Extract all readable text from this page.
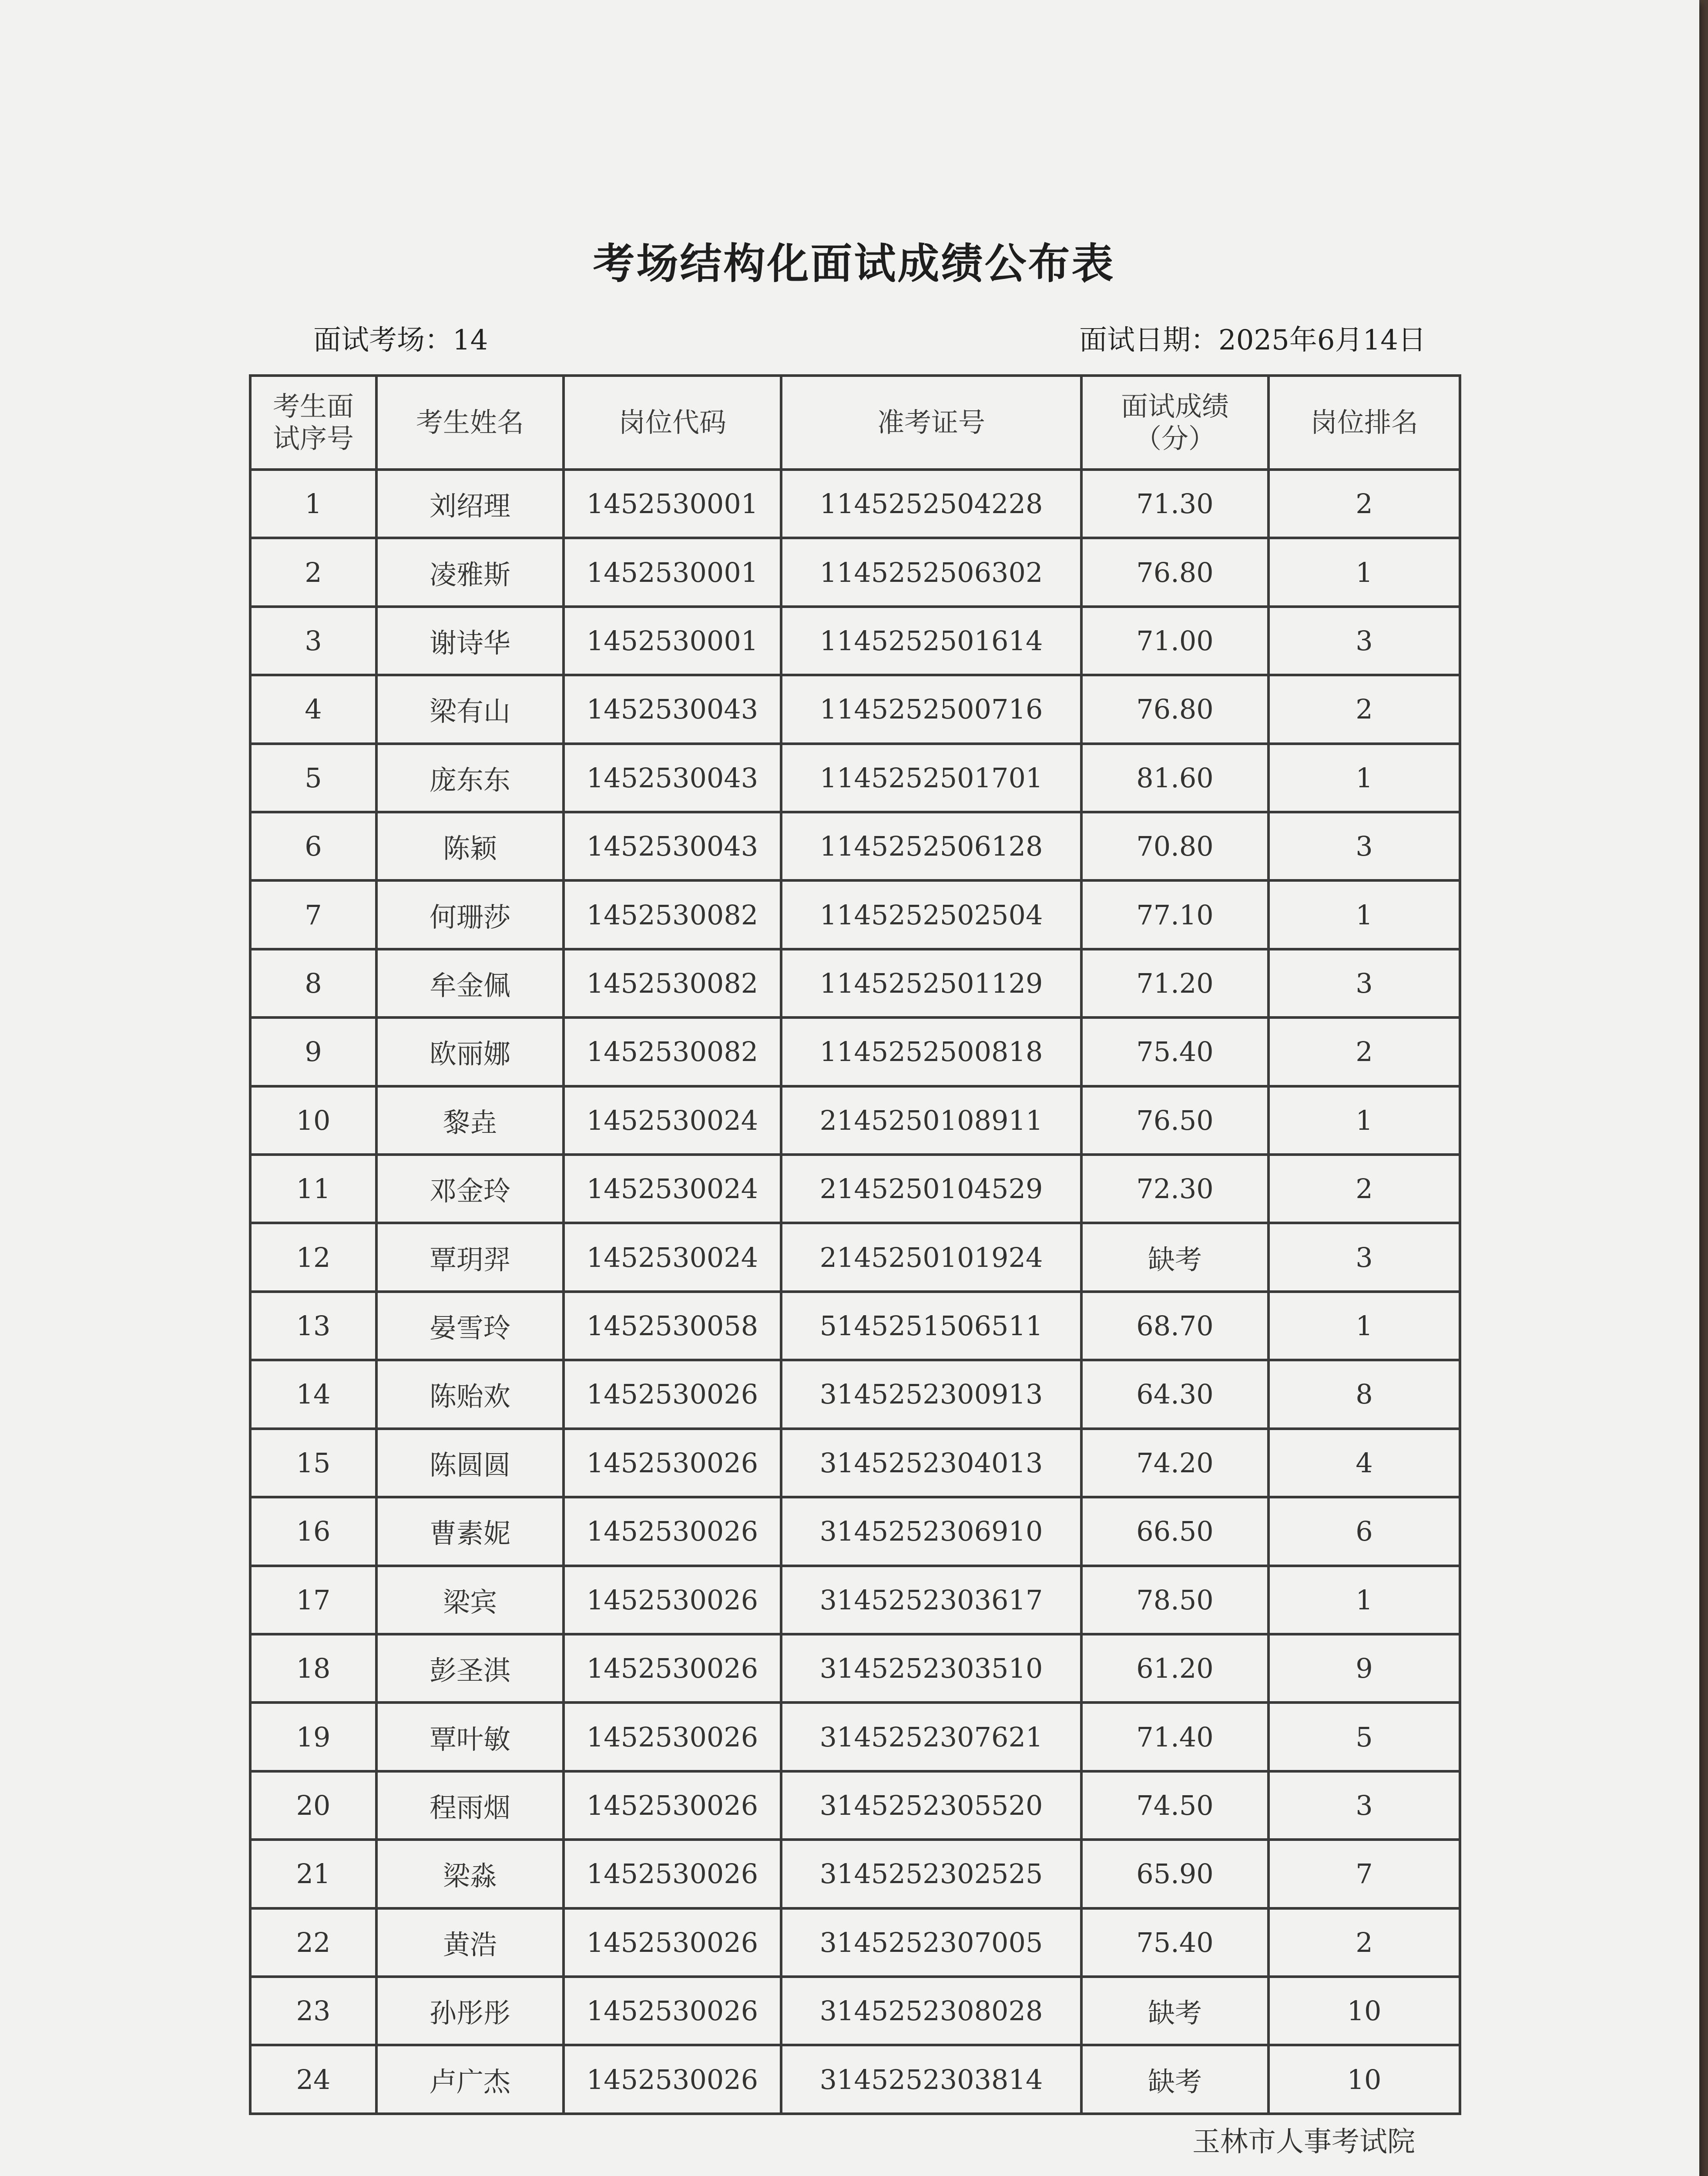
考场结构化面试成绩公布表
面试考场：14	面试日期：2025年6月14日
考生面试序号	考生姓名	岗位代码	准考证号	面试成绩（分）	岗位排名
1	刘绍理	1452530001	1145252504228	71.30	2
2	凌雅斯	1452530001	1145252506302	76.80	1
3	谢诗华	1452530001	1145252501614	71.00	3
4	梁有山	1452530043	1145252500716	76.80	2
5	庞东东	1452530043	1145252501701	81.60	1
6	陈颖	1452530043	1145252506128	70.80	3
7	何珊莎	1452530082	1145252502504	77.10	1
8	牟金佩	1452530082	1145252501129	71.20	3
9	欧丽娜	1452530082	1145252500818	75.40	2
10	黎垚	1452530024	2145250108911	76.50	1
11	邓金玲	1452530024	2145250104529	72.30	2
12	覃玥羿	1452530024	2145250101924	缺考	3
13	晏雪玲	1452530058	5145251506511	68.70	1
14	陈贻欢	1452530026	3145252300913	64.30	8
15	陈圆圆	1452530026	3145252304013	74.20	4
16	曹素妮	1452530026	3145252306910	66.50	6
17	梁宾	1452530026	3145252303617	78.50	1
18	彭圣淇	1452530026	3145252303510	61.20	9
19	覃叶敏	1452530026	3145252307621	71.40	5
20	程雨烟	1452530026	3145252305520	74.50	3
21	梁淼	1452530026	3145252302525	65.90	7
22	黄浩	1452530026	3145252307005	75.40	2
23	孙彤彤	1452530026	3145252308028	缺考	10
24	卢广杰	1452530026	3145252303814	缺考	10
玉林市人事考试院
